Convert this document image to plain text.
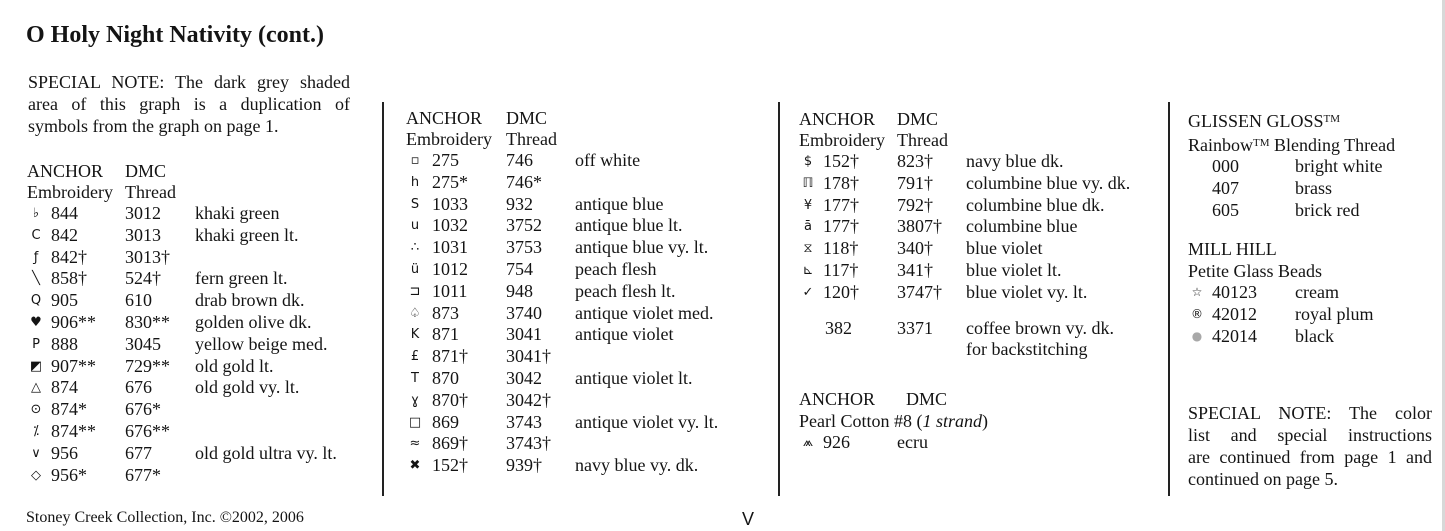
O Holy Night Nativity (cont.)
SPECIAL NOTE: The dark grey shaded
area of this graph is a duplication of
symbols from the graph on page 1.
ANCHOR DMC
Embroidery Thread
♭ 844	3012 khaki green
C 842	3013 khaki green lt.
ƒ 842† 3013†
╲ 858† 524† fern green lt.
Q 905	610 drab brown dk.
♥ 906** 830** golden olive dk.
P 888	3045 yellow beige med.
◩ 907** 729** old gold lt.
△ 874	676 old gold vy. lt.
⊙ 874* 676*
⁒ 874** 676**
∨ 956	677 old gold ultra vy. lt.
◇ 956* 677*
ANCHOR DMC
Embroidery Thread
▫ 275	746 off white
h 275* 746*
S 1033 932 antique blue
u 1032 3752 antique blue lt.
∴ 1031 3753 antique blue vy. lt.
ü 1012 754 peach flesh
⊐ 1011 948 peach flesh lt.
♤ 873	3740 antique violet med.
K 871	3041 antique violet
£ 871† 3041†
T 870	3042 antique violet lt.
ɣ 870† 3042†
□ 869	3743 antique violet vy. lt.
≈ 869† 3743†
✖ 152† 939† navy blue vy. dk.
ANCHOR DMC
Embroidery Thread
$ 152† 823† navy blue dk.
ℿ 178† 791† columbine blue vy. dk.
¥ 177† 792† columbine blue dk.
ā 177† 3807† columbine blue
⧖ 118† 340† blue violet
⊾ 117† 341† blue violet lt.
✓ 120† 3747† blue violet vy. lt.
382	3371 coffee brown vy. dk.
for backstitching
ANCHOR DMC
Pearl Cotton #8 (1 strand)
⩕ 926	ecru
GLISSEN GLOSS™
Rainbow™ Blending Thread
000	bright white
407	brass
605	brick red
MILL HILL
Petite Glass Beads
☆ 40123 cream
® 42012 royal plum
● 42014 black
SPECIAL NOTE: The color
list and special instructions
are continued from page 1 and
continued on page 5.
Stoney Creek Collection, Inc. ©2002, 2006	V
